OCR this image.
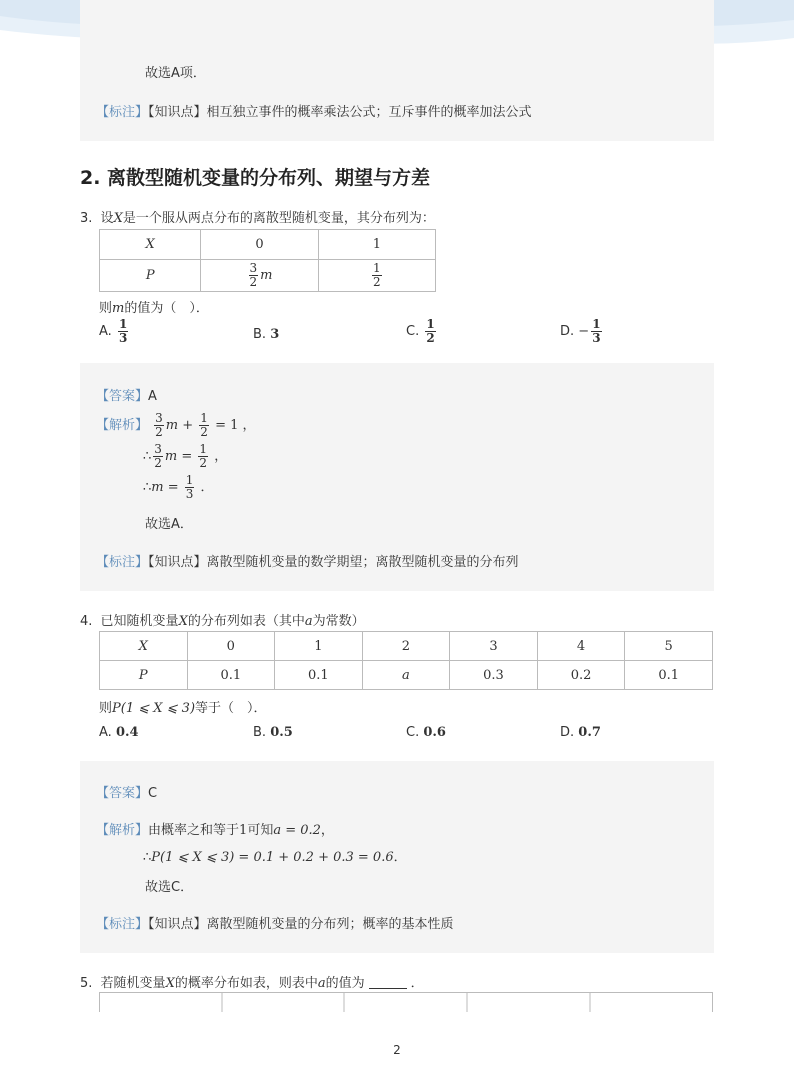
故选A项．
【标注】【知识点】相互独立事件的概率乘法公式；互斥事件的概率加法公式
2. 离散型随机变量的分布列、期望与方差
3. 设X是一个服从两点分布的离散型随机变量，其分布列为：
X	0	1
P	$\frac{3}{2}$ m	$\frac{1}{2}$
则m的值为（　）．
A. $\frac{1}{3}$	B. 3	C. $\frac{1}{2}$	D. − $\frac{1}{3}$
【答案】A
【解析】 $\frac{3}{2}$ $m + \frac{1}{2} = 1$ ，
∴ $\frac{3}{2}$ $m = \frac{1}{2}$ ，
∴m = $\frac{1}{3}$ ．
故选A．
【标注】【知识点】离散型随机变量的数学期望；离散型随机变量的分布列
4. 已知随机变量X的分布列如表（其中a为常数）
X	0	1	2	3	4	5
P	0.1	0.1	a	0.3	0.2	0.1
则P(1 ⩽ X ⩽ 3)等于（　）．
A. 0.4	B. 0.5	C. 0.6	D. 0.7
【答案】C
【解析】由概率之和等于1可知a = 0.2，
∴P(1 ⩽ X ⩽ 3) = 0.1 + 0.2 + 0.3 = 0.6．
故选C．
【标注】【知识点】离散型随机变量的分布列；概率的基本性质
5. 若随机变量X的概率分布如表，则表中a的值为	．
2
